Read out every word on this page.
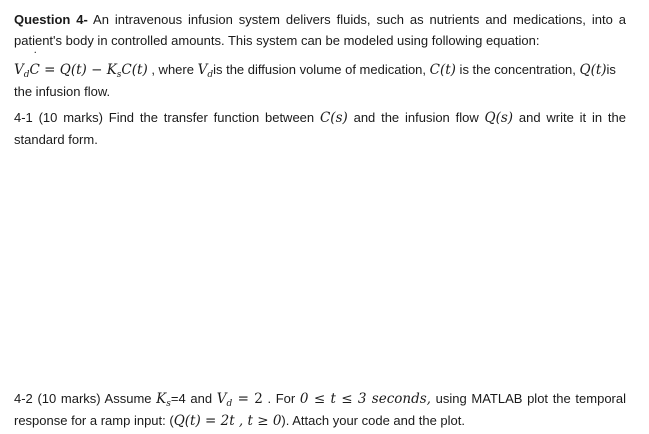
Question 4- An intravenous infusion system delivers fluids, such as nutrients and medications, into a patient's body in controlled amounts. This system can be modeled using following equation:
$V_dC$
˙
= $Q(t) - K_sC(t)$ , where $V_dis$ the diffusion volume of medication, C(t) is the concentration, Q(t)is
the infusion flow.
4-1 (10 marks) Find the transfer function between C(s) and the infusion flow Q(s) and write it in the standard form.
4-2 (10 marks) Assume $K_s=4$ and $V_d = 2$ . For 0 ≤ t ≤ 3 seconds, using MATLAB plot the temporal response for a ramp input: (Q(t) = 2t , t ≥ 0). Attach your code and the plot.
